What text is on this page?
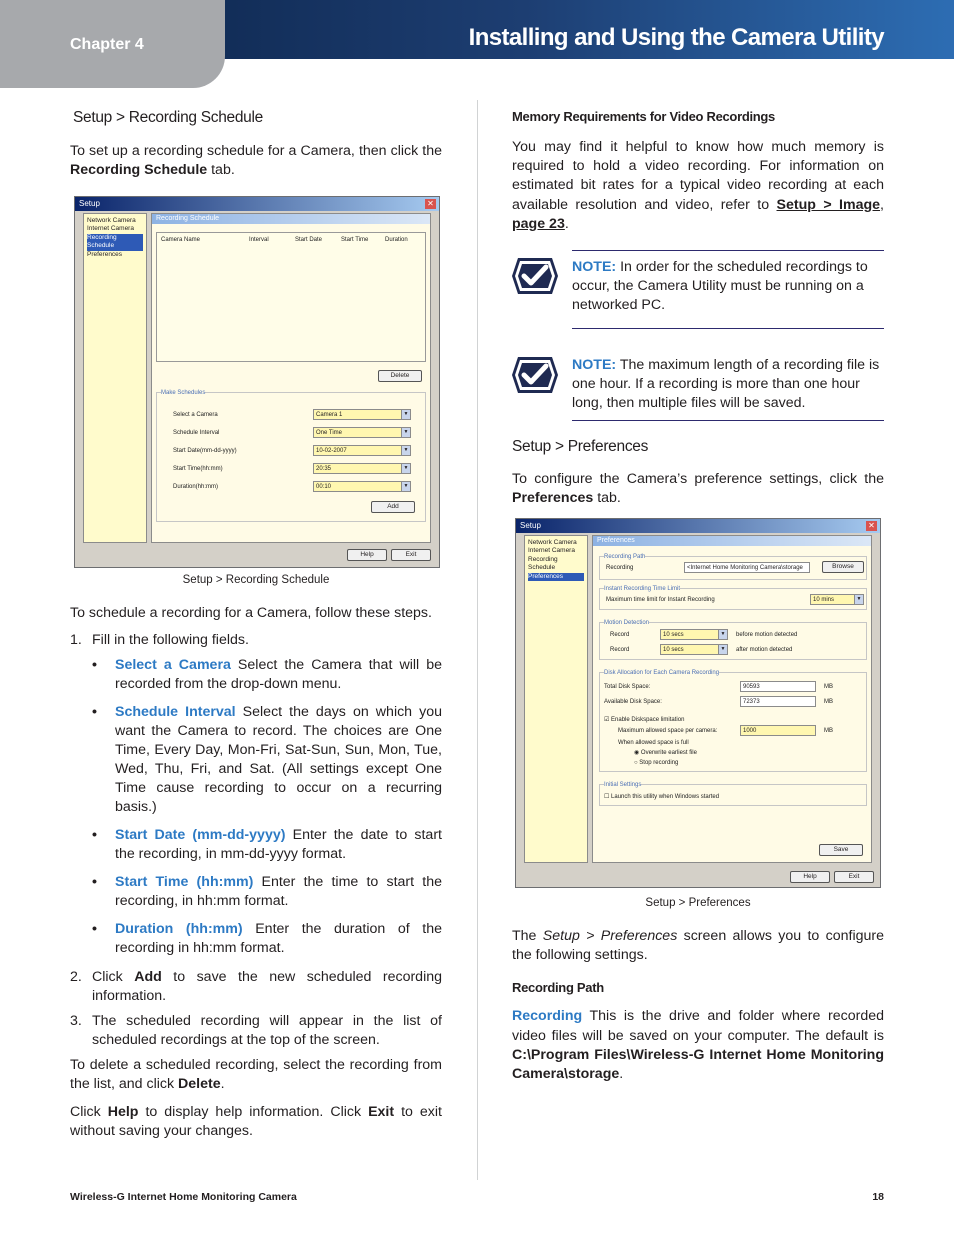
Chapter 4	Installing and Using the Camera Utility
Setup > Recording Schedule

To set up a recording schedule for a Camera, then click the Recording Schedule tab.

Setup	✕
Network Camera
Internet Camera
Recording Schedule
Preferences
Recording Schedule
Camera Name	Interval	Start Date	Start Time	Duration
Delete
Make Schedules
Select a Camera	Camera 1	▼
Schedule Interval	One Time	▼
Start Date(mm-dd-yyyy)	10-02-2007	▼
Start Time(hh:mm)	20:35	▼
Duration(hh:mm)	00:10	▼
Add
Help	Exit
Setup > Recording Schedule

To schedule a recording for a Camera, follow these steps.

1. Fill in the following fields.
• Select a Camera Select the Camera that will be recorded from the drop-down menu.
• Schedule Interval Select the days on which you want the Camera to record. The choices are One Time, Every Day, Mon-Fri, Sat-Sun, Sun, Mon, Tue, Wed, Thu, Fri, and Sat. (All settings except One Time cause recording to occur on a recurring basis.)
• Start Date (mm-dd-yyyy) Enter the date to start the recording, in mm-dd-yyyy format.
• Start Time (hh:mm) Enter the time to start the recording, in hh:mm format.
• Duration (hh:mm) Enter the duration of the recording in hh:mm format.
2. Click Add to save the new scheduled recording information.
3. The scheduled recording will appear in the list of scheduled recordings at the top of the screen.

To delete a scheduled recording, select the recording from the list, and click Delete.

Click Help to display help information. Click Exit to exit without saving your changes.

Memory Requirements for Video Recordings

You may find it helpful to know how much memory is required to hold a video recording. For information on estimated bit rates for a typical video recording at each available resolution and video, refer to Setup > Image, page 23.

NOTE: In order for the scheduled recordings to occur, the Camera Utility must be running on a networked PC.

NOTE: The maximum length of a recording file is one hour. If a recording is more than one hour long, then multiple files will be saved.

Setup > Preferences

To configure the Camera’s preference settings, click the Preferences tab.

Setup	✕
Network Camera
Internet Camera
Recording Schedule
Preferences
Preferences
Recording Path
Recording	<Internet Home Monitoring Camera\storage	Browse
Instant Recording Time Limit
Maximum time limit for Instant Recording	10 mins	▼
Motion Detection
Record	10 secs	▼ before motion detected
Record	10 secs	▼ after motion detected
Disk Allocation for Each Camera Recording
Total Disk Space:	90593	MB
Available Disk Space:	72373	MB
☑ Enable Diskspace limitation
Maximum allowed space per camera:	1000	MB
When allowed space is full
◉ Overwrite earliest file
○ Stop recording
Initial Settings
☐ Launch this utility when Windows started
Save
Help	Exit
Setup > Preferences

The Setup > Preferences screen allows you to configure the following settings.

Recording Path

Recording This is the drive and folder where recorded video files will be saved on your computer. The default is C:\Program Files\Wireless-G Internet Home Monitoring Camera\storage.

Wireless-G Internet Home Monitoring Camera	18
